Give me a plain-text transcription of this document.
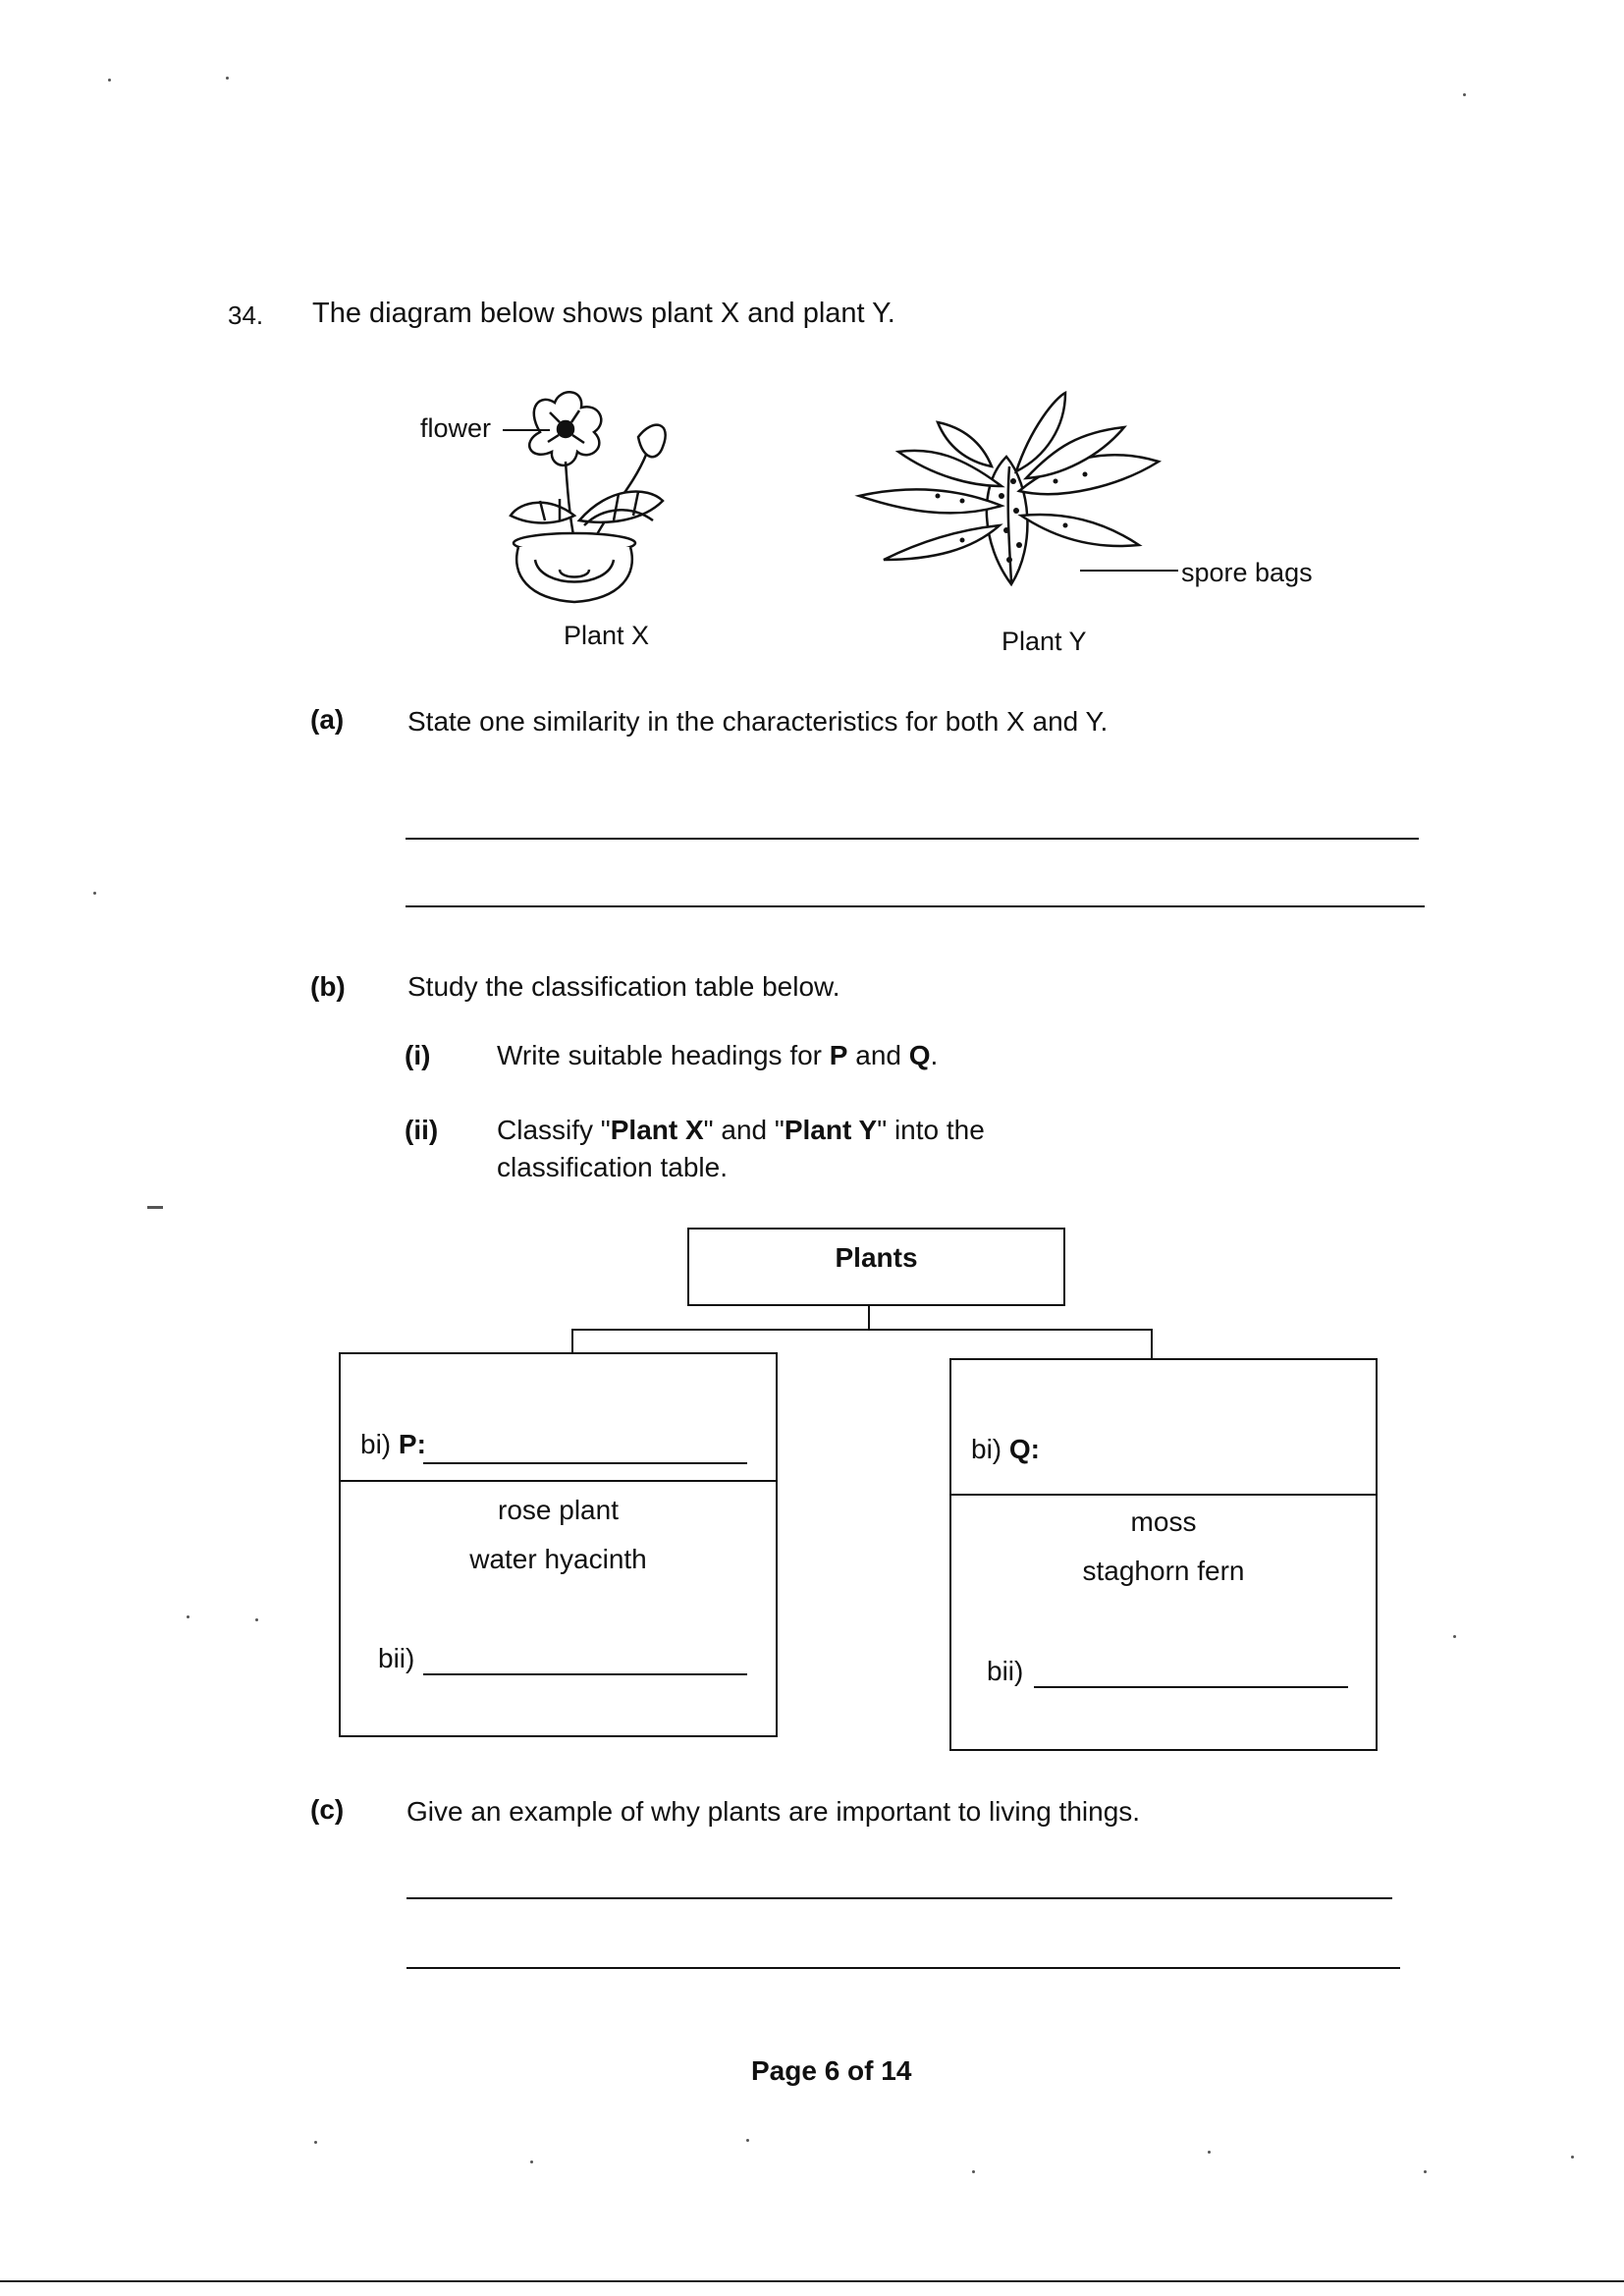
34. The diagram below shows plant X and plant Y.
flower
spore bags
Plant X	Plant Y
(a) State one similarity in the characteristics for both X and Y.
(b) Study the classification table below.
(i) Write suitable headings for P and Q.
(ii) Classify "Plant X" and "Plant Y" into the
classification table.
Plants
bi) P:
rose plant
water hyacinth
bii)
bi) Q:
moss
staghorn fern
bii)
(c) Give an example of why plants are important to living things.
Page 6 of 14
